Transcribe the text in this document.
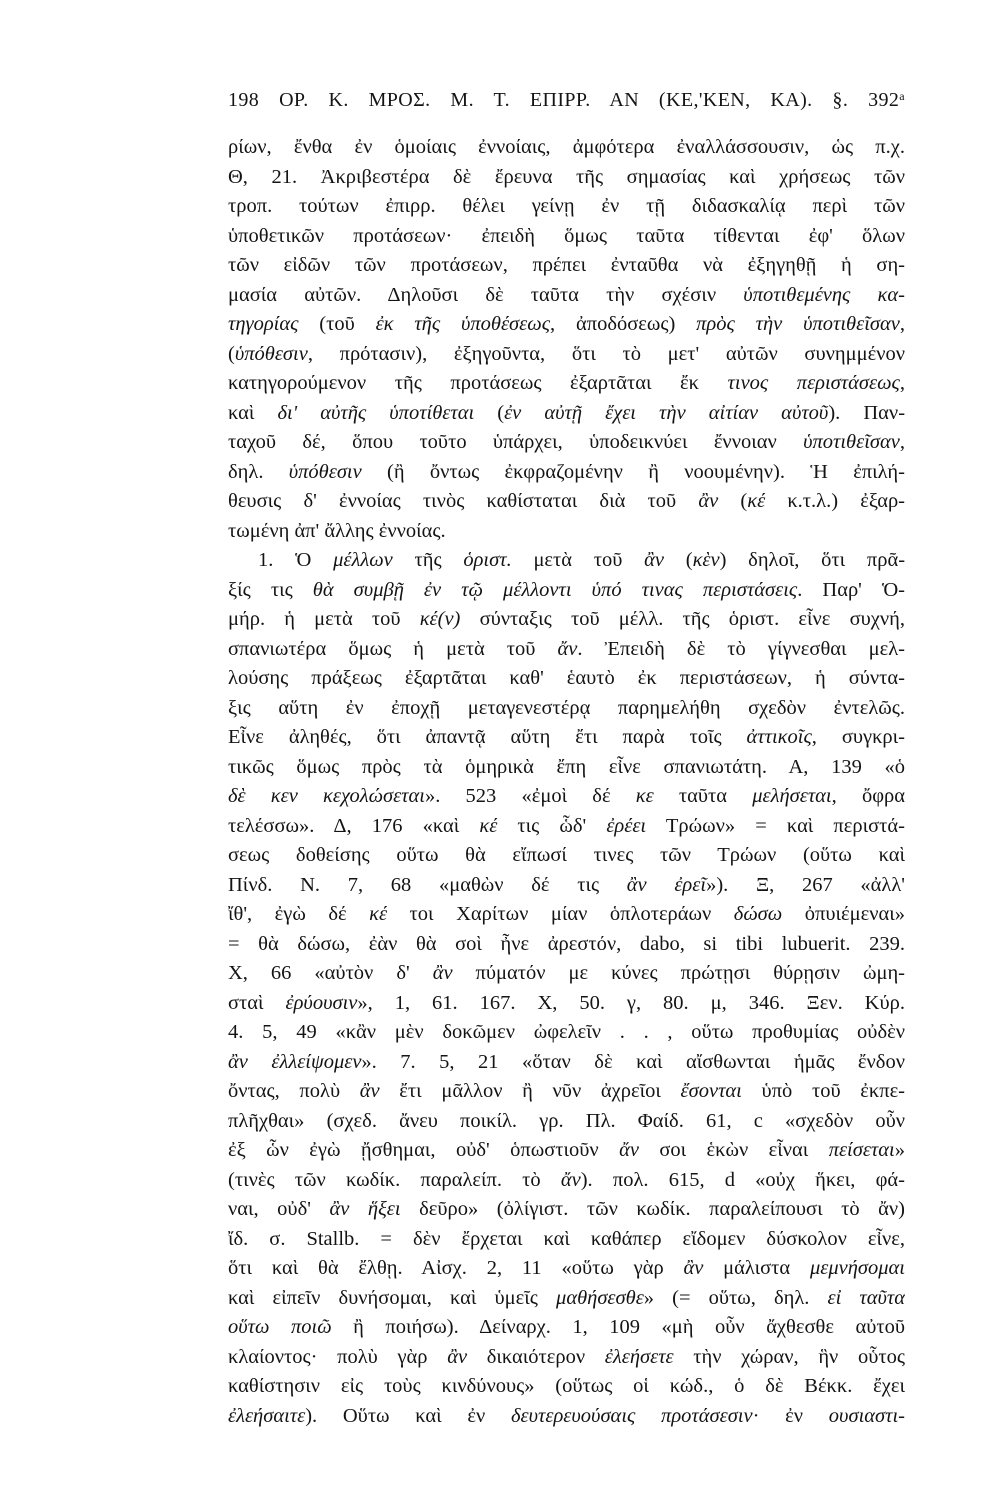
198 ΟΡ. Κ. ΜΡΟΣ. Μ. Τ. ΕΠΙΡΡ. ΑΝ (ΚΕ,'ΚΕΝ, ΚΑ). §. 392$^a$
ρίων, ἔνθα ἐν ὁμοίαις ἐννοίαις, ἀμφότερα ἐναλλάσσουσιν, ὡς π.χ.
Θ, 21. Ἀκριβεστέρα δὲ ἔρευνα τῆς σημασίας καὶ χρήσεως τῶν
τροπ. τούτων ἐπιρρ. θέλει γείνῃ ἐν τῇ διδασκαλίᾳ περὶ τῶν
ὑποθετικῶν προτάσεων· ἐπειδὴ ὅμως ταῦτα τίθενται ἐφ' ὅλων
τῶν εἰδῶν τῶν προτάσεων, πρέπει ἐνταῦθα νὰ ἐξηγηθῇ ἡ ση-
μασία αὐτῶν. Δηλοῦσι δὲ ταῦτα τὴν σχέσιν ὑποτιθεμένης κα-
τηγορίας (τοῦ ἐκ τῆς ὑποθέσεως, ἀποδόσεως) πρὸς τὴν ὑποτιθεῖσαν,
(ὑπόθεσιν, πρότασιν), ἐξηγοῦντα, ὅτι τὸ μετ' αὐτῶν συνημμένον
κατηγορούμενον τῆς προτάσεως ἐξαρτᾶται ἔκ τινος περιστάσεως,
καὶ δι' αὐτῆς ὑποτίθεται (ἐν αὐτῇ ἔχει τὴν αἰτίαν αὐτοῦ). Παν-
ταχοῦ δέ, ὅπου τοῦτο ὑπάρχει, ὑποδεικνύει ἔννοιαν ὑποτιθεῖσαν,
δηλ. ὑπόθεσιν (ἢ ὄντως ἐκφραζομένην ἢ νοουμένην). Ἡ ἐπιλή-
θευσις δ' ἐννοίας τινὸς καθίσταται διὰ τοῦ ἂν (κέ κ.τ.λ.) ἐξαρ-
τωμένη ἀπ' ἄλλης ἐννοίας.
1. Ὁ μέλλων τῆς ὁριστ. μετὰ τοῦ ἂν (κὲν) δηλοῖ, ὅτι πρᾶ-
ξίς τις θὰ συμβῇ ἐν τῷ μέλλοντι ὑπό τινας περιστάσεις. Παρ' Ὁ-
μήρ. ἡ μετὰ τοῦ κέ(ν) σύνταξις τοῦ μέλλ. τῆς ὁριστ. εἶνε συχνή,
σπανιωτέρα ὅμως ἡ μετὰ τοῦ ἄν. Ἐπειδὴ δὲ τὸ γίγνεσθαι μελ-
λούσης πράξεως ἐξαρτᾶται καθ' ἑαυτὸ ἐκ περιστάσεων, ἡ σύντα-
ξις αὕτη ἐν ἐποχῇ μεταγενεστέρᾳ παρημελήθη σχεδὸν ἐντελῶς.
Εἶνε ἀληθές, ὅτι ἀπαντᾷ αὕτη ἔτι παρὰ τοῖς ἀττικοῖς, συγκρι-
τικῶς ὅμως πρὸς τὰ ὁμηρικὰ ἔπη εἶνε σπανιωτάτη. Α, 139 «ὁ
δὲ κεν κεχολώσεται». 523 «ἐμοὶ δέ κε ταῦτα μελήσεται, ὄφρα
τελέσσω». Δ, 176 «καὶ κέ τις ὧδ' ἐρέει Τρώων» = καὶ περιστά-
σεως δοθείσης οὕτω θὰ εἴπωσί τινες τῶν Τρώων (οὕτω καὶ
Πίνδ. Ν. 7, 68 «μαθὼν δέ τις ἂν ἐρεῖ»). Ξ, 267 «ἀλλ'
ἴθ', ἐγὼ δέ κέ τοι Χαρίτων μίαν ὁπλοτεράων δώσω ὀπυιέμεναι»
= θὰ δώσω, ἐὰν θὰ σοὶ ἦνε ἀρεστόν, dabo, si tibi lubuerit. 239.
Χ, 66 «αὐτὸν δ' ἂν πύματόν με κύνες πρώτῃσι θύρῃσιν ὠμη-
σταὶ ἐρύουσιν», 1, 61. 167. Χ, 50. γ, 80. μ, 346. Ξεν. Κύρ.
4. 5, 49 «κἂν μὲν δοκῶμεν ὠφελεῖν . . , οὕτω προθυμίας οὐδὲν
ἂν ἐλλείψομεν». 7. 5, 21 «ὅταν δὲ καὶ αἴσθωνται ἡμᾶς ἔνδον
ὄντας, πολὺ ἂν ἔτι μᾶλλον ἢ νῦν ἀχρεῖοι ἔσονται ὑπὸ τοῦ ἐκπε-
πλῆχθαι» (σχεδ. ἄνευ ποικίλ. γρ. Πλ. Φαίδ. 61, c «σχεδὸν οὖν
ἐξ ὧν ἐγὼ ᾔσθημαι, οὐδ' ὁπωστιοῦν ἄν σοι ἑκὼν εἶναι πείσεται»
(τινὲς τῶν κωδίκ. παραλείπ. τὸ ἄν). πολ. 615, d «οὐχ ἥκει, φά-
ναι, οὐδ' ἂν ἥξει δεῦρο» (ὀλίγιστ. τῶν κωδίκ. παραλείπουσι τὸ ἄν)
ἴδ. σ. Stallb. = δὲν ἔρχεται καὶ καθάπερ εἴδομεν δύσκολον εἶνε,
ὅτι καὶ θὰ ἔλθῃ. Αἰσχ. 2, 11 «οὕτω γὰρ ἂν μάλιστα μεμνήσομαι
καὶ εἰπεῖν δυνήσομαι, καὶ ὑμεῖς μαθήσεσθε» (= οὕτω, δηλ. εἰ ταῦτα
οὕτω ποιῶ ἢ ποιήσω). Δείναρχ. 1, 109 «μὴ οὖν ἄχθεσθε αὐτοῦ
κλαίοντος· πολὺ γὰρ ἂν δικαιότερον ἐλεήσετε τὴν χώραν, ἣν οὗτος
καθίστησιν εἰς τοὺς κινδύνους» (οὕτως οἱ κώδ., ὁ δὲ Βέκκ. ἔχει
ἐλεήσαιτε). Οὕτω καὶ ἐν δευτερευούσαις προτάσεσιν· ἐν ουσιαστι-
